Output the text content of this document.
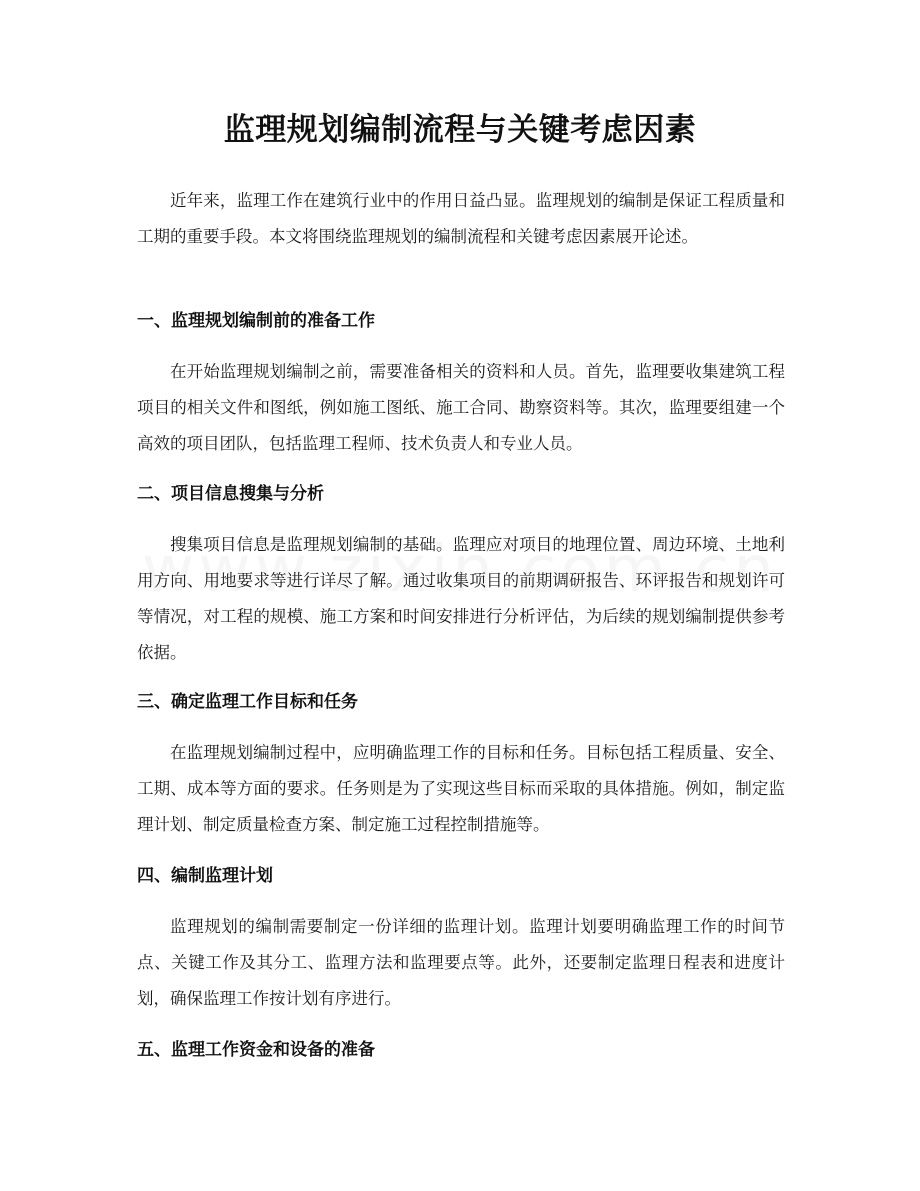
监理规划编制流程与关键考虑因素

近年来，监理工作在建筑行业中的作用日益凸显。监理规划的编制是保证工程质量和工期的重要手段。本文将围绕监理规划的编制流程和关键考虑因素展开论述。

一、监理规划编制前的准备工作

在开始监理规划编制之前，需要准备相关的资料和人员。首先，监理要收集建筑工程项目的相关文件和图纸，例如施工图纸、施工合同、勘察资料等。其次，监理要组建一个高效的项目团队，包括监理工程师、技术负责人和专业人员。

二、项目信息搜集与分析

搜集项目信息是监理规划编制的基础。监理应对项目的地理位置、周边环境、土地利用方向、用地要求等进行详尽了解。通过收集项目的前期调研报告、环评报告和规划许可等情况，对工程的规模、施工方案和时间安排进行分析评估，为后续的规划编制提供参考依据。

三、确定监理工作目标和任务

在监理规划编制过程中，应明确监理工作的目标和任务。目标包括工程质量、安全、工期、成本等方面的要求。任务则是为了实现这些目标而采取的具体措施。例如，制定监理计划、制定质量检查方案、制定施工过程控制措施等。

四、编制监理计划

监理规划的编制需要制定一份详细的监理计划。监理计划要明确监理工作的时间节点、关键工作及其分工、监理方法和监理要点等。此外，还要制定监理日程表和进度计划，确保监理工作按计划有序进行。

五、监理工作资金和设备的准备
